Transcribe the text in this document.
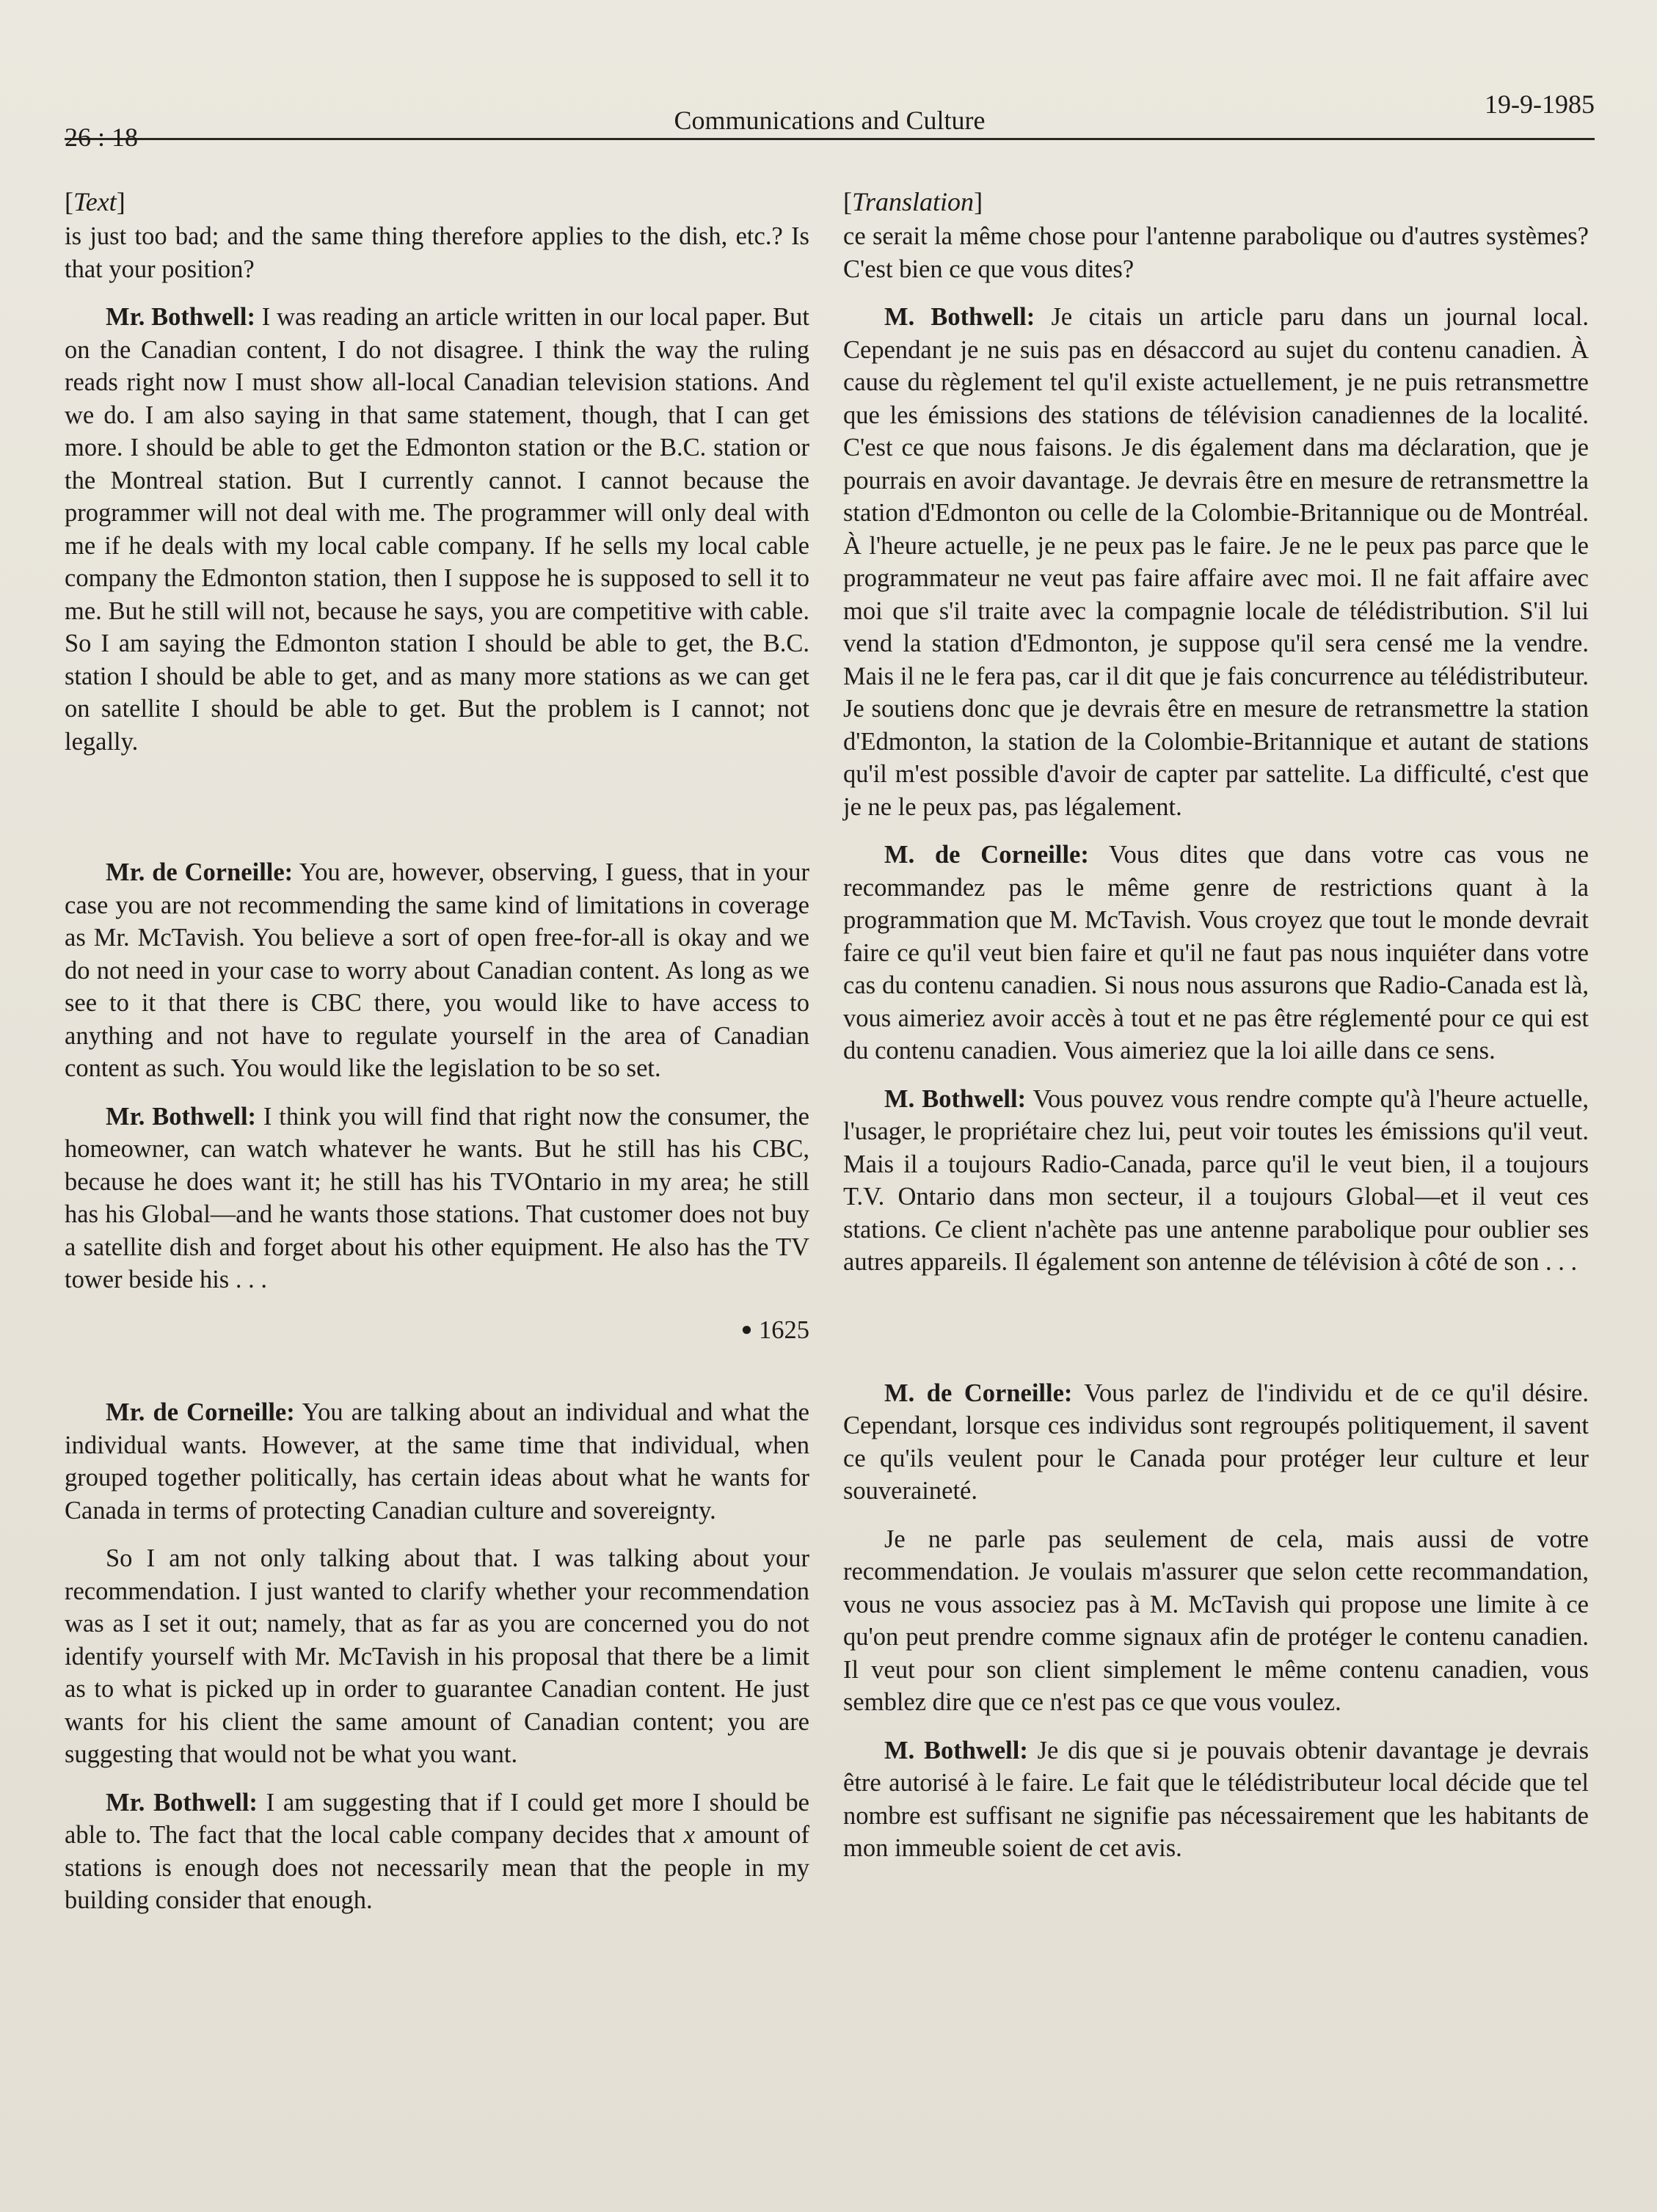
26 : 18
Communications and Culture
19-9-1985
[Text]

is just too bad; and the same thing therefore applies to the dish, etc.? Is that your position?

Mr. Bothwell: I was reading an article written in our local paper. But on the Canadian content, I do not disagree. I think the way the ruling reads right now I must show all-local Canadian television stations. And we do. I am also saying in that same statement, though, that I can get more. I should be able to get the Edmonton station or the B.C. station or the Montreal station. But I currently cannot. I cannot because the programmer will not deal with me. The programmer will only deal with me if he deals with my local cable company. If he sells my local cable company the Edmonton station, then I suppose he is supposed to sell it to me. But he still will not, because he says, you are competitive with cable. So I am saying the Edmonton station I should be able to get, the B.C. station I should be able to get, and as many more stations as we can get on satellite I should be able to get. But the problem is I cannot; not legally.

Mr. de Corneille: You are, however, observing, I guess, that in your case you are not recommending the same kind of limitations in coverage as Mr. McTavish. You believe a sort of open free-for-all is okay and we do not need in your case to worry about Canadian content. As long as we see to it that there is CBC there, you would like to have access to anything and not have to regulate yourself in the area of Canadian content as such. You would like the legislation to be so set.

Mr. Bothwell: I think you will find that right now the consumer, the homeowner, can watch whatever he wants. But he still has his CBC, because he does want it; he still has his TVOntario in my area; he still has his Global—and he wants those stations. That customer does not buy a satellite dish and forget about his other equipment. He also has the TV tower beside his . . .

● 1625

Mr. de Corneille: You are talking about an individual and what the individual wants. However, at the same time that individual, when grouped together politically, has certain ideas about what he wants for Canada in terms of protecting Canadian culture and sovereignty.

So I am not only talking about that. I was talking about your recommendation. I just wanted to clarify whether your recommendation was as I set it out; namely, that as far as you are concerned you do not identify yourself with Mr. McTavish in his proposal that there be a limit as to what is picked up in order to guarantee Canadian content. He just wants for his client the same amount of Canadian content; you are suggesting that would not be what you want.

Mr. Bothwell: I am suggesting that if I could get more I should be able to. The fact that the local cable company decides that x amount of stations is enough does not necessarily mean that the people in my building consider that enough.

[Translation]

ce serait la même chose pour l'antenne parabolique ou d'autres systèmes? C'est bien ce que vous dites?

M. Bothwell: Je citais un article paru dans un journal local. Cependant je ne suis pas en désaccord au sujet du contenu canadien. À cause du règlement tel qu'il existe actuellement, je ne puis retransmettre que les émissions des stations de télévision canadiennes de la localité. C'est ce que nous faisons. Je dis également dans ma déclaration, que je pourrais en avoir davantage. Je devrais être en mesure de retransmettre la station d'Edmonton ou celle de la Colombie-Britannique ou de Montréal. À l'heure actuelle, je ne peux pas le faire. Je ne le peux pas parce que le programmateur ne veut pas faire affaire avec moi. Il ne fait affaire avec moi que s'il traite avec la compagnie locale de télédistribution. S'il lui vend la station d'Edmonton, je suppose qu'il sera censé me la vendre. Mais il ne le fera pas, car il dit que je fais concurrence au télédistributeur. Je soutiens donc que je devrais être en mesure de retransmettre la station d'Edmonton, la station de la Colombie-Britannique et autant de stations qu'il m'est possible d'avoir de capter par sattelite. La difficulté, c'est que je ne le peux pas, pas légalement.

M. de Corneille: Vous dites que dans votre cas vous ne recommandez pas le même genre de restrictions quant à la programmation que M. McTavish. Vous croyez que tout le monde devrait faire ce qu'il veut bien faire et qu'il ne faut pas nous inquiéter dans votre cas du contenu canadien. Si nous nous assurons que Radio-Canada est là, vous aimeriez avoir accès à tout et ne pas être réglementé pour ce qui est du contenu canadien. Vous aimeriez que la loi aille dans ce sens.

M. Bothwell: Vous pouvez vous rendre compte qu'à l'heure actuelle, l'usager, le propriétaire chez lui, peut voir toutes les émissions qu'il veut. Mais il a toujours Radio-Canada, parce qu'il le veut bien, il a toujours T.V. Ontario dans mon secteur, il a toujours Global—et il veut ces stations. Ce client n'achète pas une antenne parabolique pour oublier ses autres appareils. Il également son antenne de télévision à côté de son . . .

M. de Corneille: Vous parlez de l'individu et de ce qu'il désire. Cependant, lorsque ces individus sont regroupés politiquement, il savent ce qu'ils veulent pour le Canada pour protéger leur culture et leur souveraineté.

Je ne parle pas seulement de cela, mais aussi de votre recommendation. Je voulais m'assurer que selon cette recommandation, vous ne vous associez pas à M. McTavish qui propose une limite à ce qu'on peut prendre comme signaux afin de protéger le contenu canadien. Il veut pour son client simplement le même contenu canadien, vous semblez dire que ce n'est pas ce que vous voulez.

M. Bothwell: Je dis que si je pouvais obtenir davantage je devrais être autorisé à le faire. Le fait que le télédistributeur local décide que tel nombre est suffisant ne signifie pas nécessairement que les habitants de mon immeuble soient de cet avis.
